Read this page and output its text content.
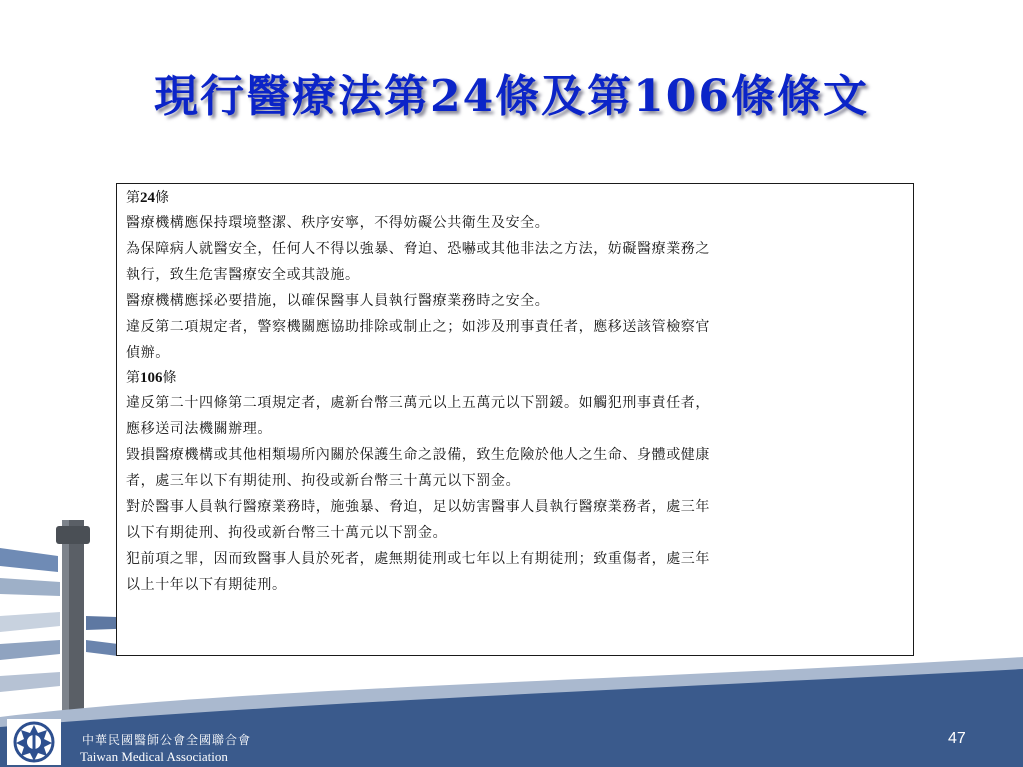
現行醫療法第24條及第106條條文
第24條
醫療機構應保持環境整潔、秩序安寧，不得妨礙公共衛生及安全。
為保障病人就醫安全，任何人不得以強暴、脅迫、恐嚇或其他非法之方法，妨礙醫療業務之
執行，致生危害醫療安全或其設施。
醫療機構應採必要措施，以確保醫事人員執行醫療業務時之安全。
違反第二項規定者，警察機關應協助排除或制止之；如涉及刑事責任者，應移送該管檢察官
偵辦。
第106條
違反第二十四條第二項規定者，處新台幣三萬元以上五萬元以下罰鍰。如觸犯刑事責任者，
應移送司法機關辦理。
毀損醫療機構或其他相類場所內關於保護生命之設備，致生危險於他人之生命、身體或健康
者，處三年以下有期徒刑、拘役或新台幣三十萬元以下罰金。
對於醫事人員執行醫療業務時，施強暴、脅迫，足以妨害醫事人員執行醫療業務者，處三年
以下有期徒刑、拘役或新台幣三十萬元以下罰金。
犯前項之罪，因而致醫事人員於死者，處無期徒刑或七年以上有期徒刑；致重傷者，處三年
以上十年以下有期徒刑。
中華民國醫師公會全國聯合會
Taiwan Medical Association
47
